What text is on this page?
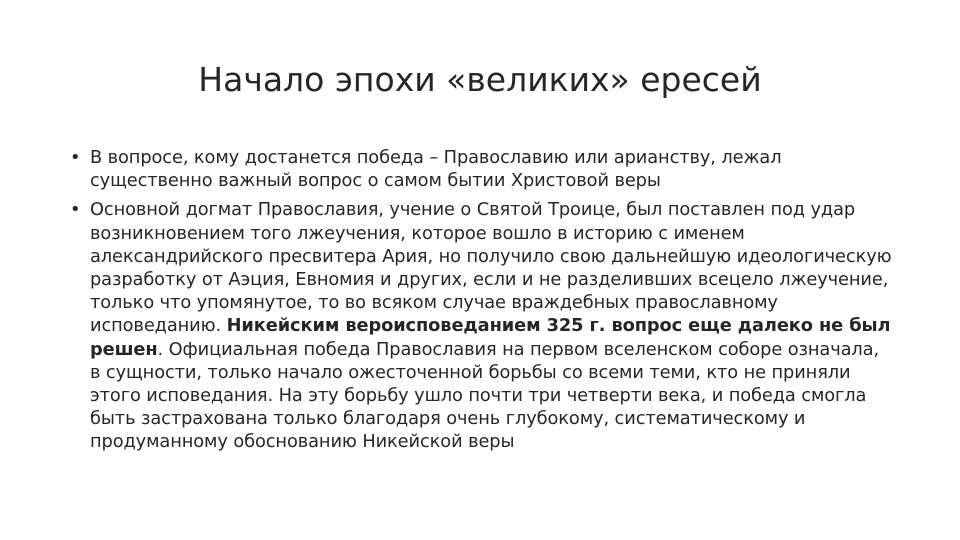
Начало эпохи «великих» ересей
• В вопросе, кому достанется победа – Православию или арианству, лежал существенно важный вопрос о самом бытии Христовой веры
• Основной догмат Православия, учение о Святой Троице, был поставлен под удар возникновением того лжеучения, которое вошло в историю с именем александрийского пресвитера Ария, но получило свою дальнейшую идеологическую разработку от Аэция, Евномия и других, если и не разделивших всецело лжеучение, только что упомянутое, то во всяком случае враждебных православному исповеданию. Никейским вероисповеданием 325 г. вопрос еще далеко не был решен. Официальная победа Православия на первом вселенском соборе означала, в сущности, только начало ожесточенной борьбы со всеми теми, кто не приняли этого исповедания. На эту борьбу ушло почти три четверти века, и победа смогла быть застрахована только благодаря очень глубокому, систематическому и продуманному обоснованию Никейской веры
